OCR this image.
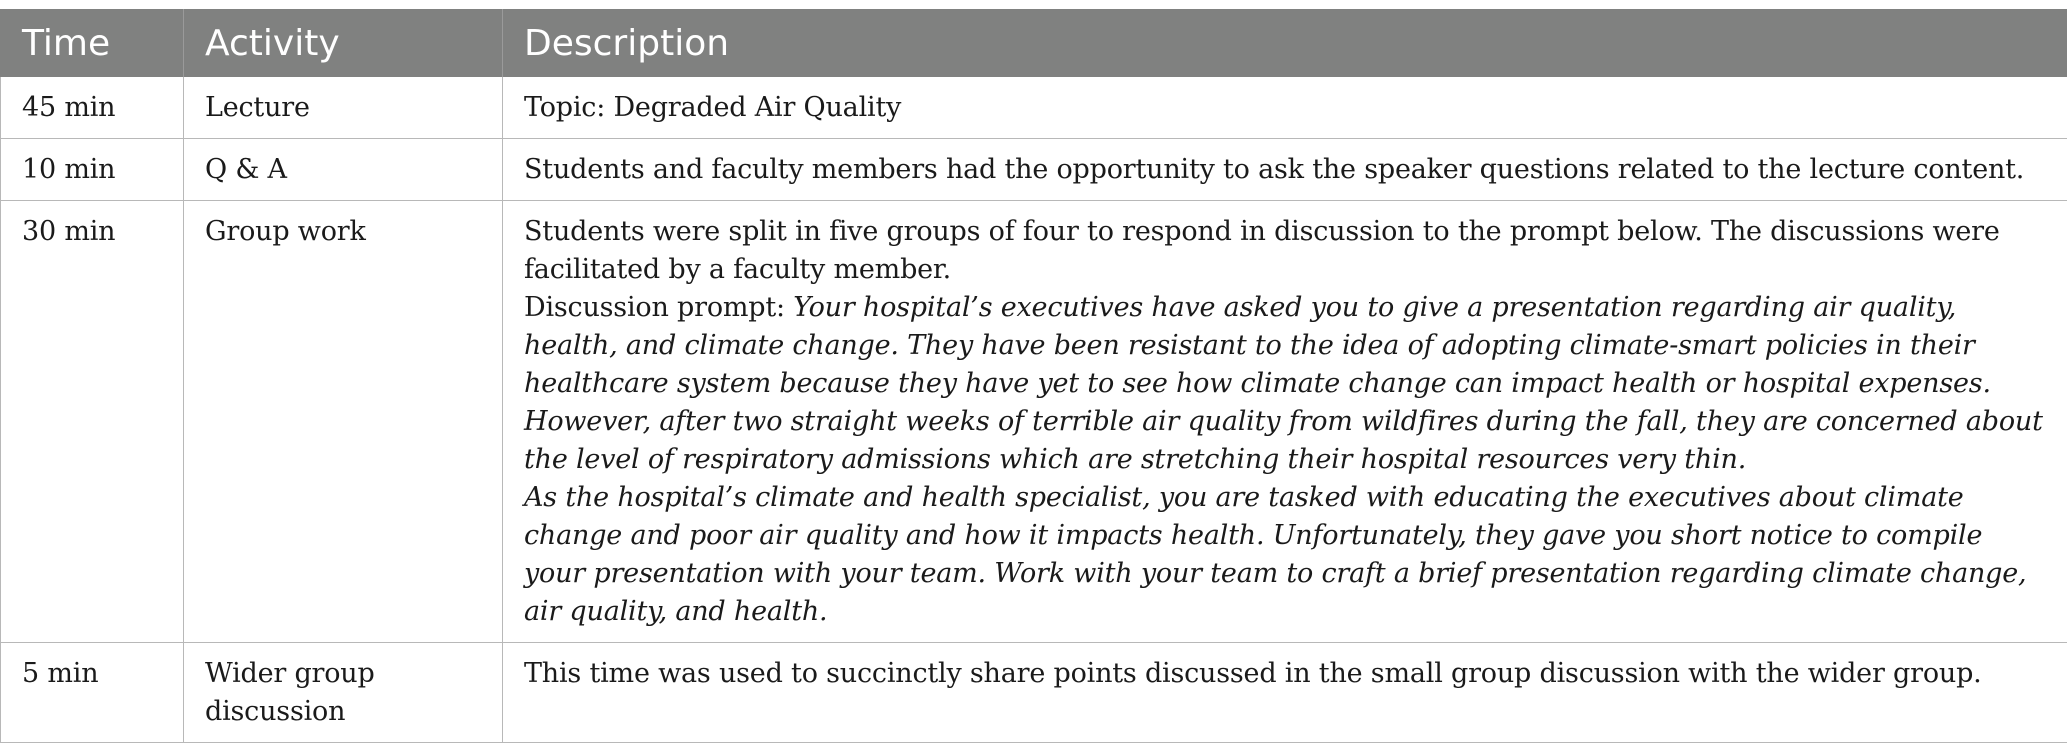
Time	Activity	Description
45 min	Lecture	Topic: Degraded Air Quality
10 min	Q & A	Students and faculty members had the opportunity to ask the speaker questions related to the lecture content.
30 min	Group work	Students were split in five groups of four to respond in discussion to the prompt below. The discussions were facilitated by a faculty member.
Discussion prompt: Your hospital’s executives have asked you to give a presentation regarding air quality, health, and climate change. They have been resistant to the idea of adopting climate-smart policies in their healthcare system because they have yet to see how climate change can impact health or hospital expenses. However, after two straight weeks of terrible air quality from wildfires during the fall, they are concerned about the level of respiratory admissions which are stretching their hospital resources very thin.
As the hospital’s climate and health specialist, you are tasked with educating the executives about climate change and poor air quality and how it impacts health. Unfortunately, they gave you short notice to compile your presentation with your team. Work with your team to craft a brief presentation regarding climate change, air quality, and health.

5 min	Wider group discussion	This time was used to succinctly share points discussed in the small group discussion with the wider group.
